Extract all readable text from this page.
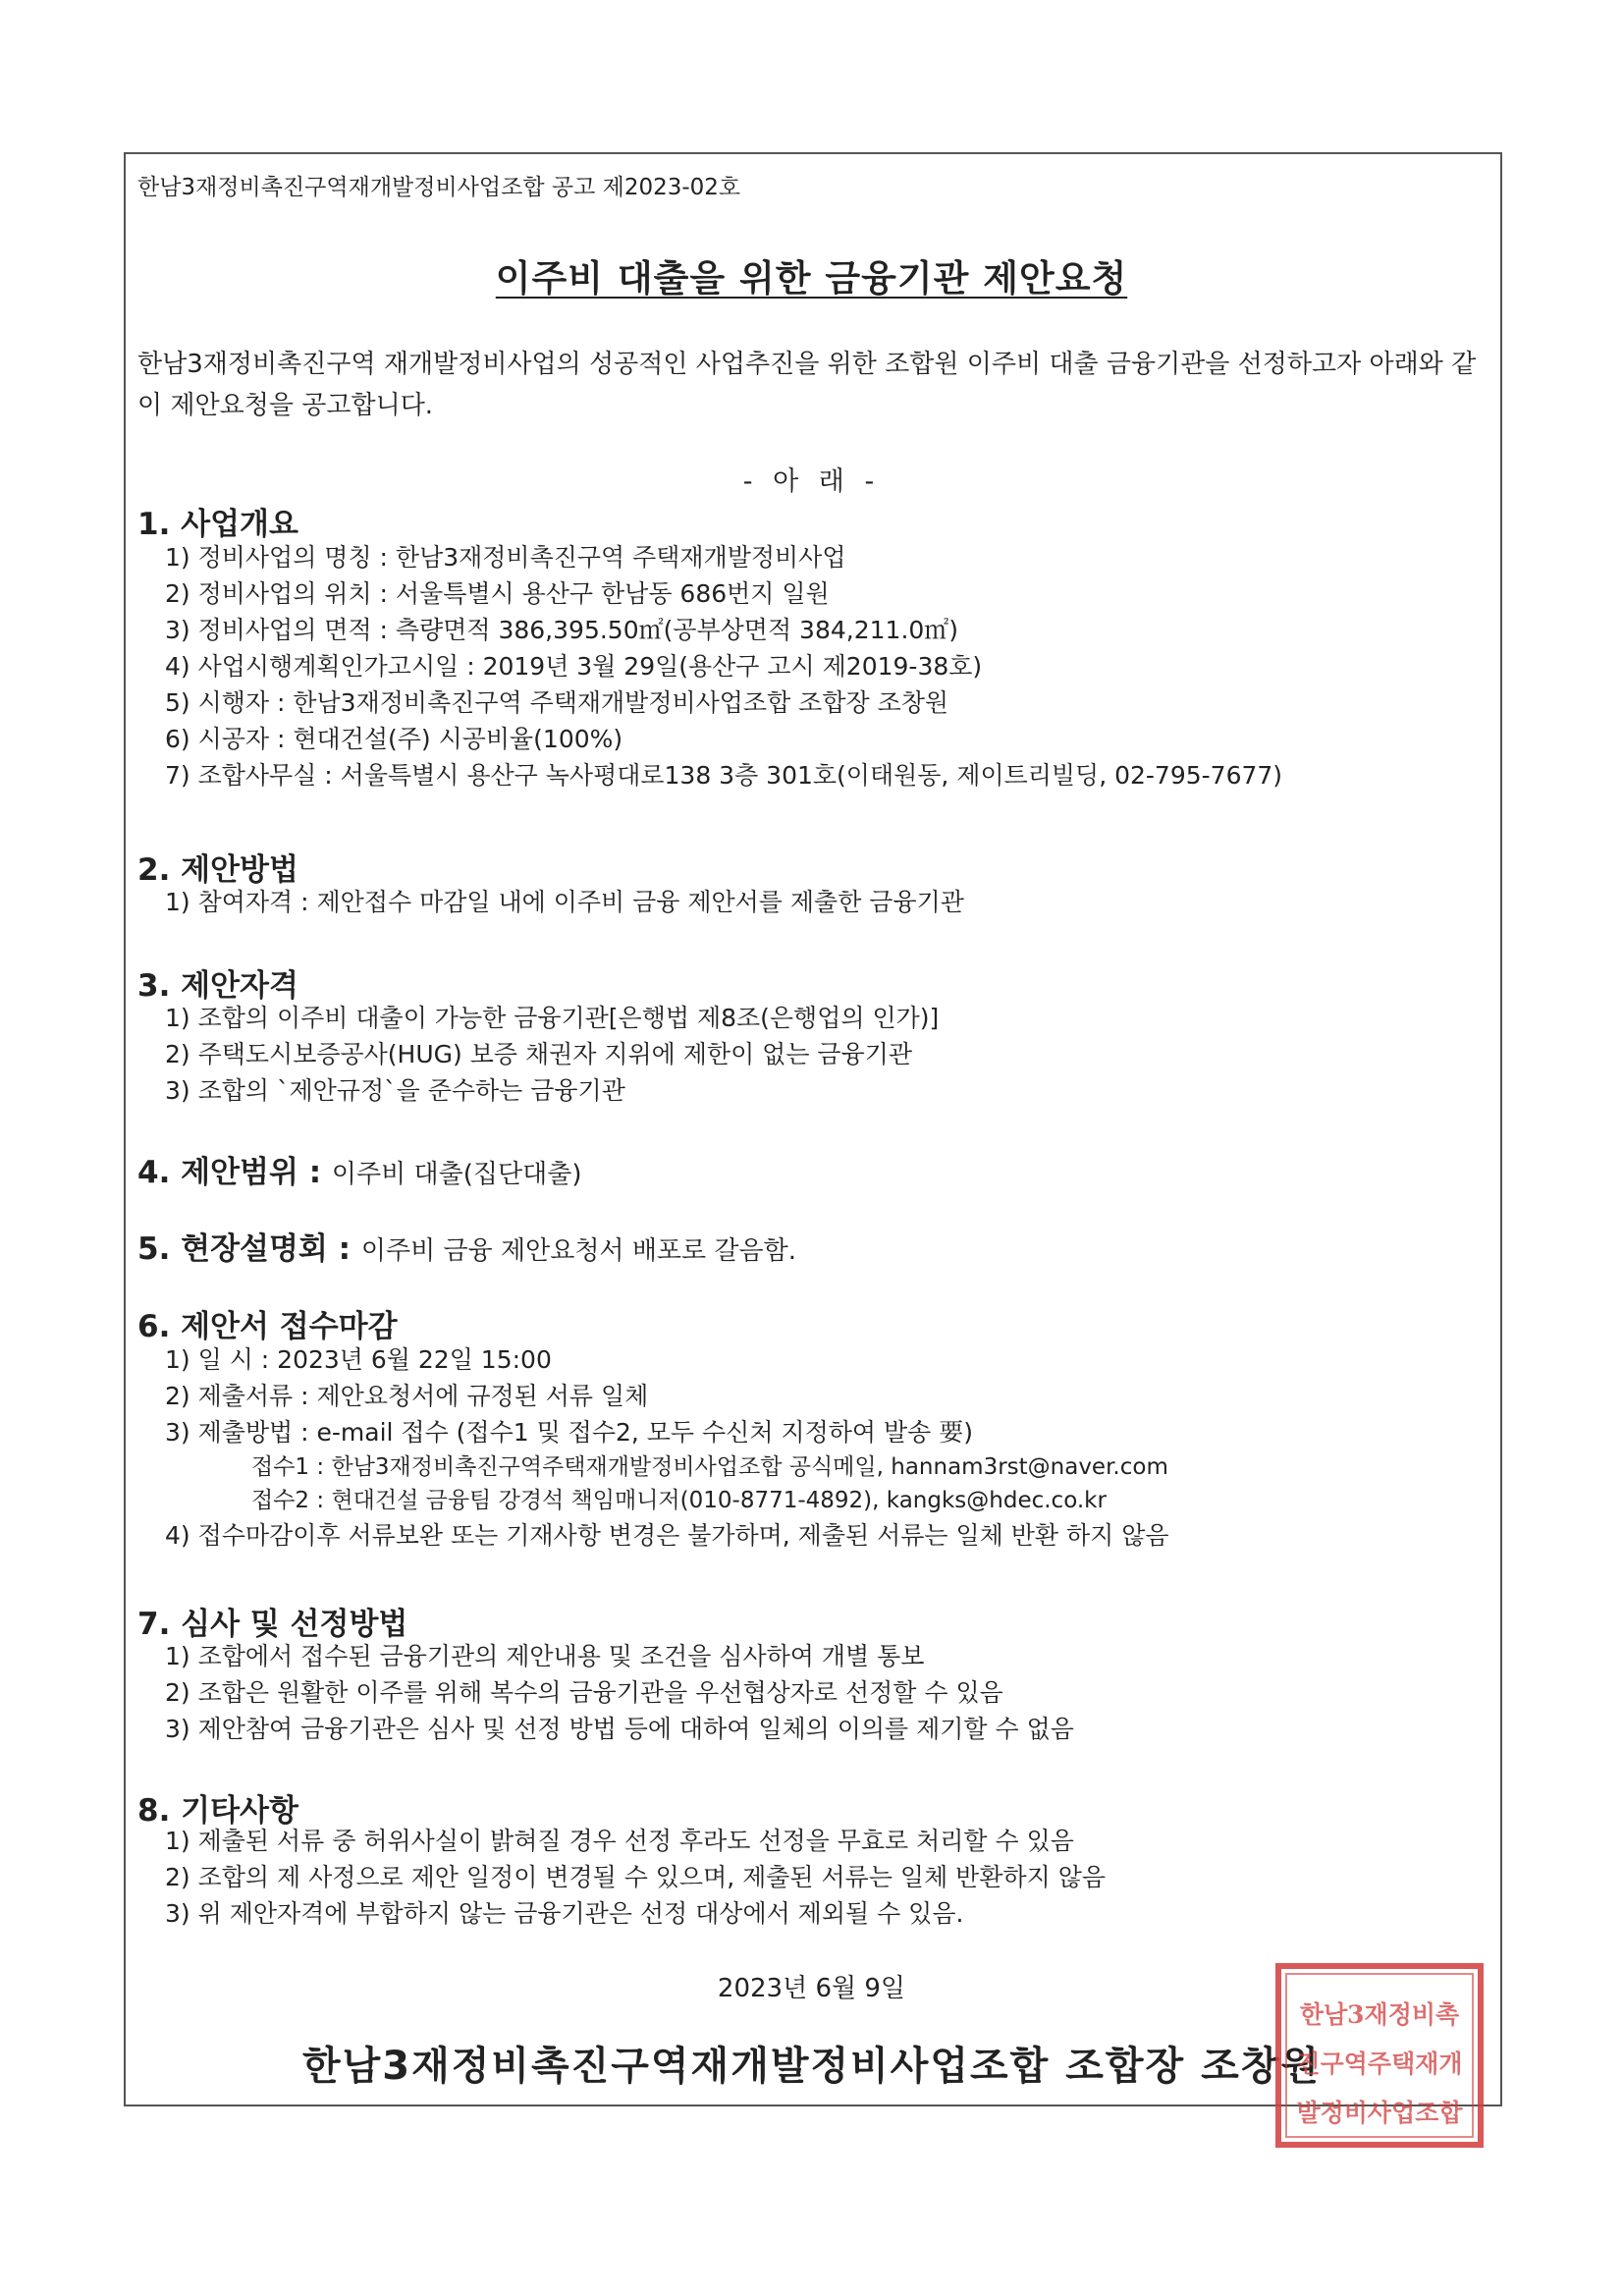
한남3재정비촉진구역재개발정비사업조합 공고 제2023-02호
이주비 대출을 위한 금융기관 제안요청
한남3재정비촉진구역 재개발정비사업의 성공적인 사업추진을 위한 조합원 이주비 대출 금융기관을 선정하고자 아래와 같이 제안요청을 공고합니다.
- 아 래 -
1. 사업개요
1) 정비사업의 명칭 : 한남3재정비촉진구역 주택재개발정비사업
2) 정비사업의 위치 : 서울특별시 용산구 한남동 686번지 일원
3) 정비사업의 면적 : 측량면적 386,395.50㎡(공부상면적 384,211.0㎡)
4) 사업시행계획인가고시일 : 2019년 3월 29일(용산구 고시 제2019-38호)
5) 시행자 : 한남3재정비촉진구역 주택재개발정비사업조합 조합장 조창원
6) 시공자 : 현대건설(주) 시공비율(100%)
7) 조합사무실 : 서울특별시 용산구 녹사평대로138 3층 301호(이태원동, 제이트리빌딩, 02-795-7677)
2. 제안방법
1) 참여자격 : 제안접수 마감일 내에 이주비 금융 제안서를 제출한 금융기관
3. 제안자격
1) 조합의 이주비 대출이 가능한 금융기관[은행법 제8조(은행업의 인가)]
2) 주택도시보증공사(HUG) 보증 채권자 지위에 제한이 없는 금융기관
3) 조합의 `제안규정`을 준수하는 금융기관
4. 제안범위 : 이주비 대출(집단대출)
5. 현장설명회 : 이주비 금융 제안요청서 배포로 갈음함.
6. 제안서 접수마감
1) 일 시 : 2023년 6월 22일 15:00
2) 제출서류 : 제안요청서에 규정된 서류 일체
3) 제출방법 : e-mail 접수 (접수1 및 접수2, 모두 수신처 지정하여 발송 要)
접수1 : 한남3재정비촉진구역주택재개발정비사업조합 공식메일, hannam3rst@naver.com
접수2 : 현대건설 금융팀 강경석 책임매니저(010-8771-4892), kangks@hdec.co.kr
4) 접수마감이후 서류보완 또는 기재사항 변경은 불가하며, 제출된 서류는 일체 반환 하지 않음
7. 심사 및 선정방법
1) 조합에서 접수된 금융기관의 제안내용 및 조건을 심사하여 개별 통보
2) 조합은 원활한 이주를 위해 복수의 금융기관을 우선협상자로 선정할 수 있음
3) 제안참여 금융기관은 심사 및 선정 방법 등에 대하여 일체의 이의를 제기할 수 없음
8. 기타사항
1) 제출된 서류 중 허위사실이 밝혀질 경우 선정 후라도 선정을 무효로 처리할 수 있음
2) 조합의 제 사정으로 제안 일정이 변경될 수 있으며, 제출된 서류는 일체 반환하지 않음
3) 위 제안자격에 부합하지 않는 금융기관은 선정 대상에서 제외될 수 있음.
2023년 6월 9일
한남3재정비촉진구역재개발정비사업조합 조합장 조창원
한남3재정비촉
진구역주택재개
발정비사업조합
